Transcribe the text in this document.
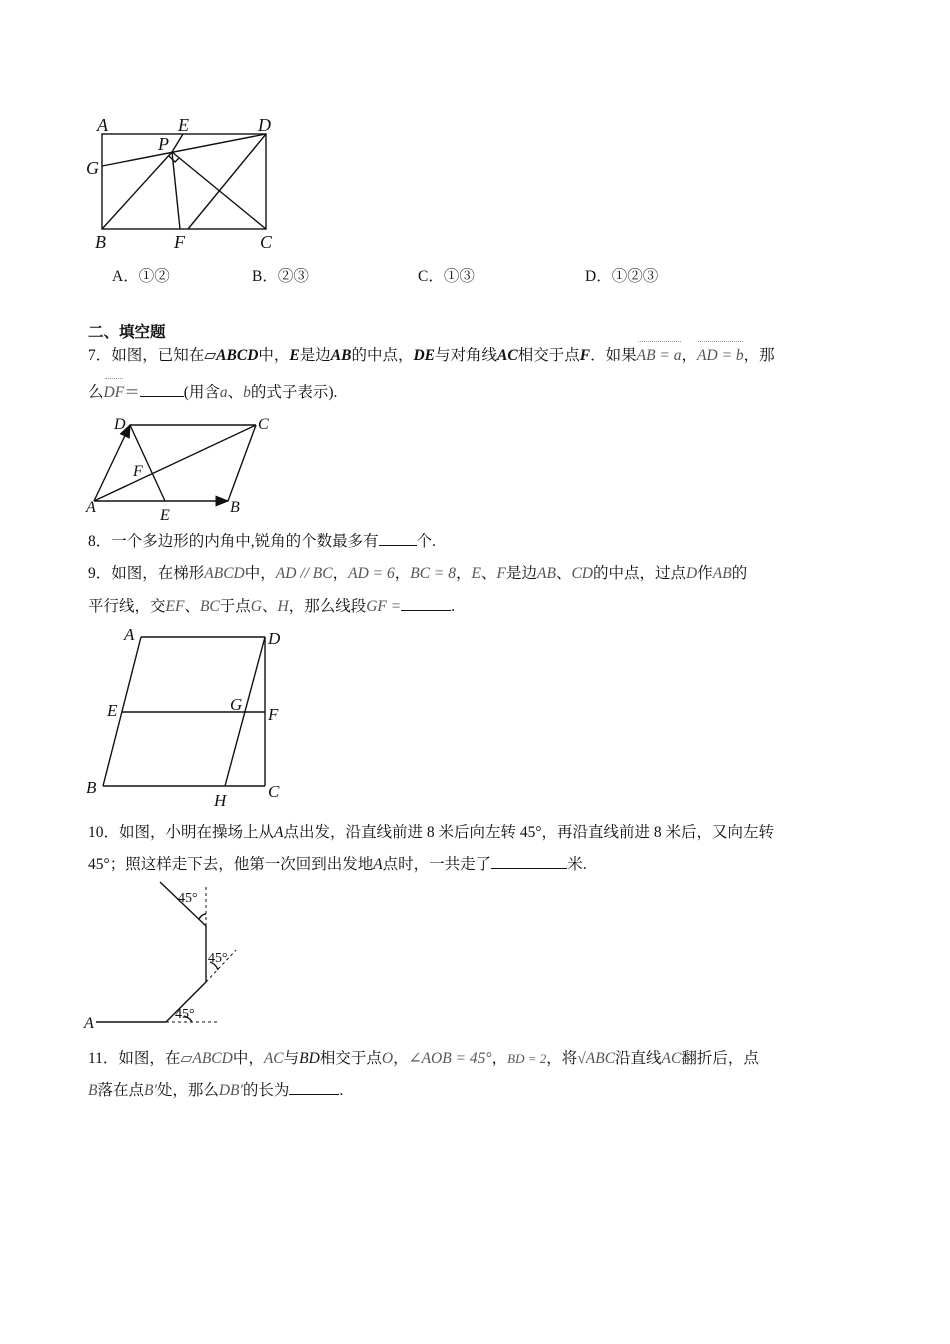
A	E	D
P
G
B	F	C
A．①②	B．②③	C．①③	D．①②③
二、填空题
7．如图，已知在▱ABCD中，E是边AB的中点，DE与对角线AC相交于点F．如果AB = a，AD = b，那
么DF＝	(用含a、b的式子表示).
D	C
F
A	E	B
8．一个多边形的内角中,锐角的个数最多有 个.
9．如图，在梯形ABCD中，AD // BC，AD = 6，BC = 8，E、F是边AB、CD的中点，过点D作AB的
平行线，交EF、BC于点G、H，那么线段GF =	.
A	D
E	G
F
B
H C
10．如图，小明在操场上从A点出发，沿直线前进 8 米后向左转 45°，再沿直线前进 8 米后，又向左转
45°；照这样走下去，他第一次回到出发地A点时，一共走了	米.
45°
45°
45°
A
11．如图，在▱ABCD中，AC与BD相交于点O，∠AOB = 45°，BD = 2，将√ABC沿直线AC翻折后，点
B落在点B′处，那么DB′的长为	.
